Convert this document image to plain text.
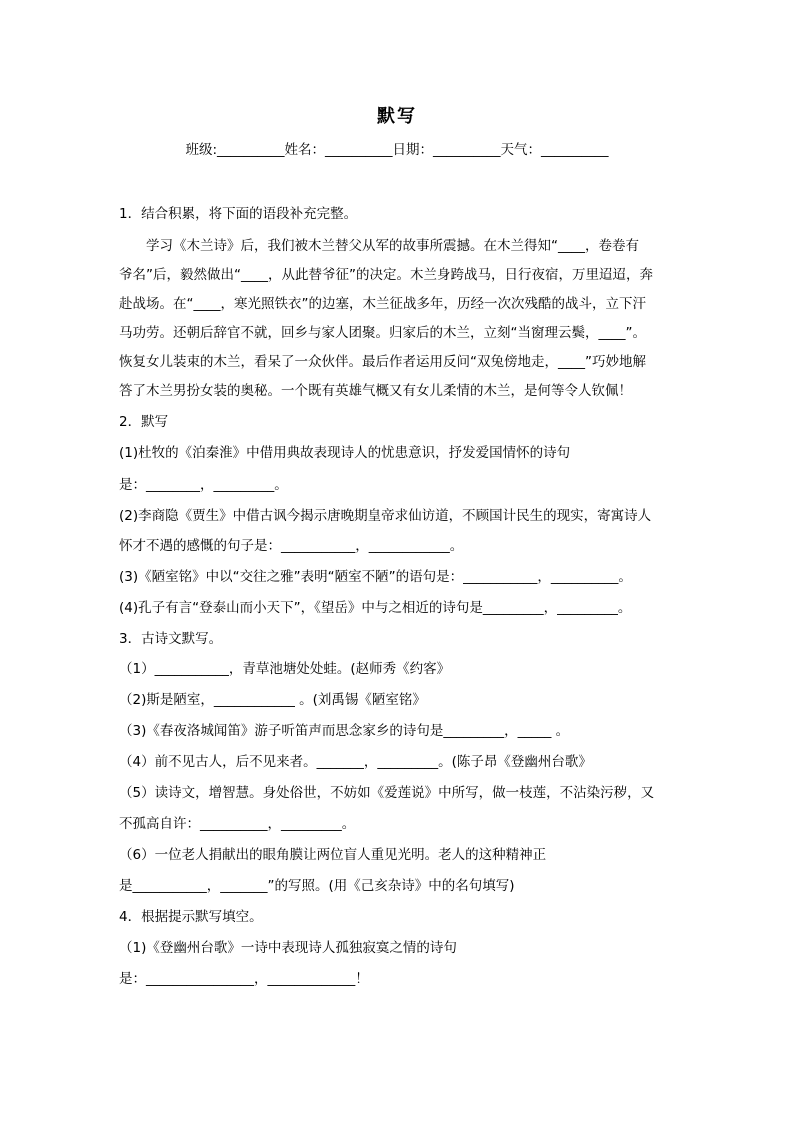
默写
班级:__________姓名：__________日期：__________天气：__________
1．结合积累，将下面的语段补充完整。
　　学习《木兰诗》后，我们被木兰替父从军的故事所震撼。在木兰得知“____，卷卷有
爷名”后，毅然做出“____，从此替爷征”的决定。木兰身跨战马，日行夜宿，万里迢迢，奔
赴战场。在“____，寒光照铁衣”的边塞，木兰征战多年，历经一次次残酷的战斗，立下汗
马功劳。还朝后辞官不就，回乡与家人团聚。归家后的木兰，立刻“当窗理云鬓，____”。
恢复女儿装束的木兰，看呆了一众伙伴。最后作者运用反问“双兔傍地走，____”巧妙地解
答了木兰男扮女装的奥秘。一个既有英雄气概又有女儿柔情的木兰，是何等令人钦佩！
2．默写
(1)杜牧的《泊秦淮》中借用典故表现诗人的忧患意识，抒发爱国情怀的诗句
是：________，_________。
(2)李商隐《贾生》中借古讽今揭示唐晚期皇帝求仙访道，不顾国计民生的现实，寄寓诗人
怀才不遇的感慨的句子是：___________，____________。
(3)《陋室铭》中以“交往之雅”表明“陋室不陋”的语句是：___________，__________。
(4)孔子有言“登泰山而小天下”，《望岳》中与之相近的诗句是_________，_________。
3．古诗文默写。
（1）___________，青草池塘处处蛙。(赵师秀《约客》
（2)斯是陋室，____________ 。(刘禹锡《陋室铭》
（3)《春夜洛城闻笛》游子听笛声而思念家乡的诗句是_________，_____ 。
（4）前不见古人，后不见来者。_______，_________。(陈子昂《登幽州台歌》
（5）读诗文，增智慧。身处俗世，不妨如《爱莲说》中所写，做一枝莲，不沾染污秽，又
不孤高自许：__________，_________。
（6）一位老人捐献出的眼角膜让两位盲人重见光明。老人的这种精神正
是___________，_______”的写照。(用《己亥杂诗》中的名句填写)
4．根据提示默写填空。
（1)《登幽州台歌》一诗中表现诗人孤独寂寞之情的诗句
是：________________，_____________！
